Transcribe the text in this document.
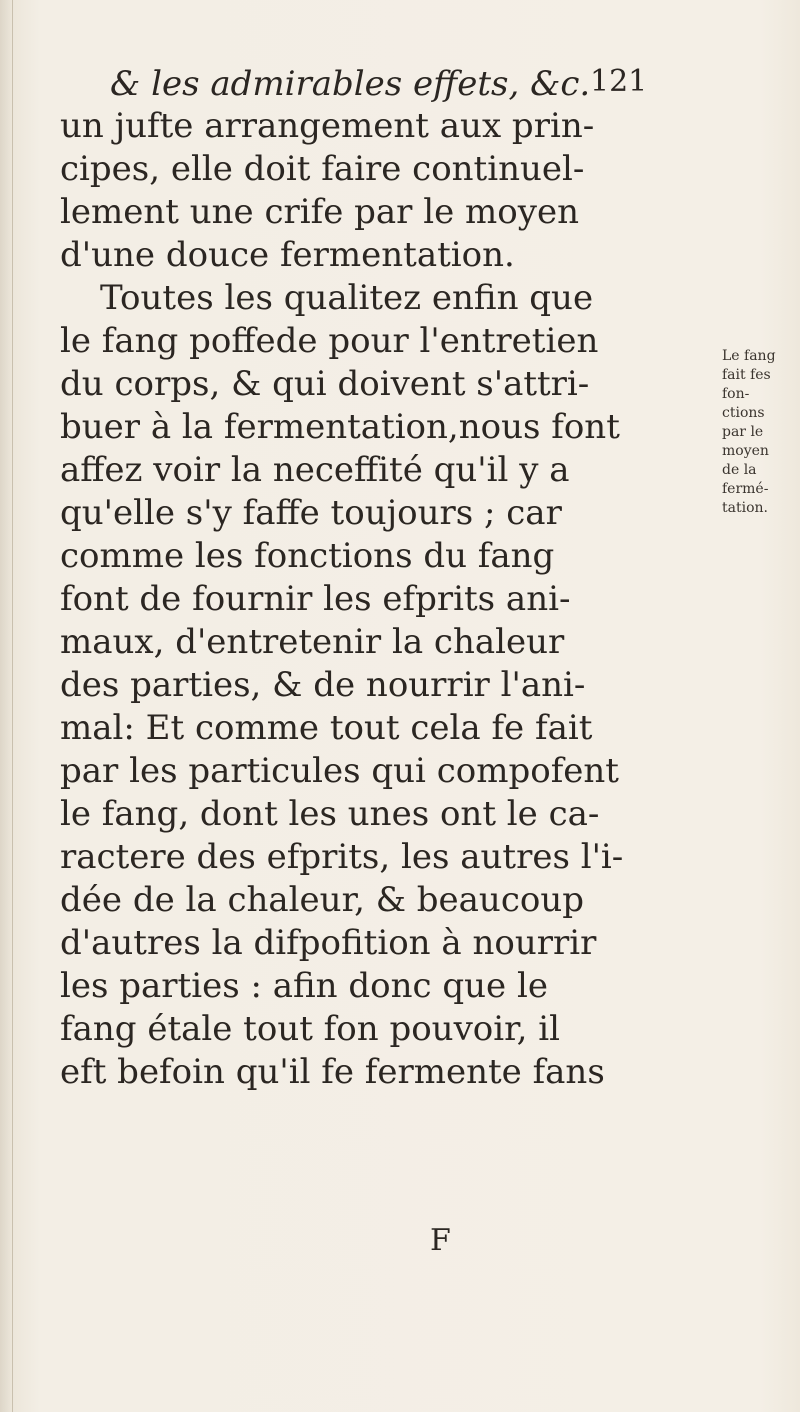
& les admirables effets, &c. 121
un jufte arrangement aux prin-
cipes, elle doit faire continuel-
lement une crife par le moyen
d'une douce fermentation.
Toutes les qualitez enfin que
le fang poffede pour l'entretien
du corps, & qui doivent s'attri-
buer à la fermentation,nous font
affez voir la neceffité qu'il y a
qu'elle s'y faffe toujours ; car
comme les fonctions du fang
font de fournir les efprits ani-
maux, d'entretenir la chaleur
des parties, & de nourrir l'ani-
mal: Et comme tout cela fe fait
par les particules qui compofent
le fang, dont les unes ont le ca-
ractere des efprits, les autres l'i-
dée de la chaleur, & beaucoup
d'autres la difpofition à nourrir
les parties : afin donc que le
fang étale tout fon pouvoir, il
eft befoin qu'il fe fermente fans
Le fang
fait fes
fon-
ctions
par le
moyen
de la
fermé-
tation.
F
